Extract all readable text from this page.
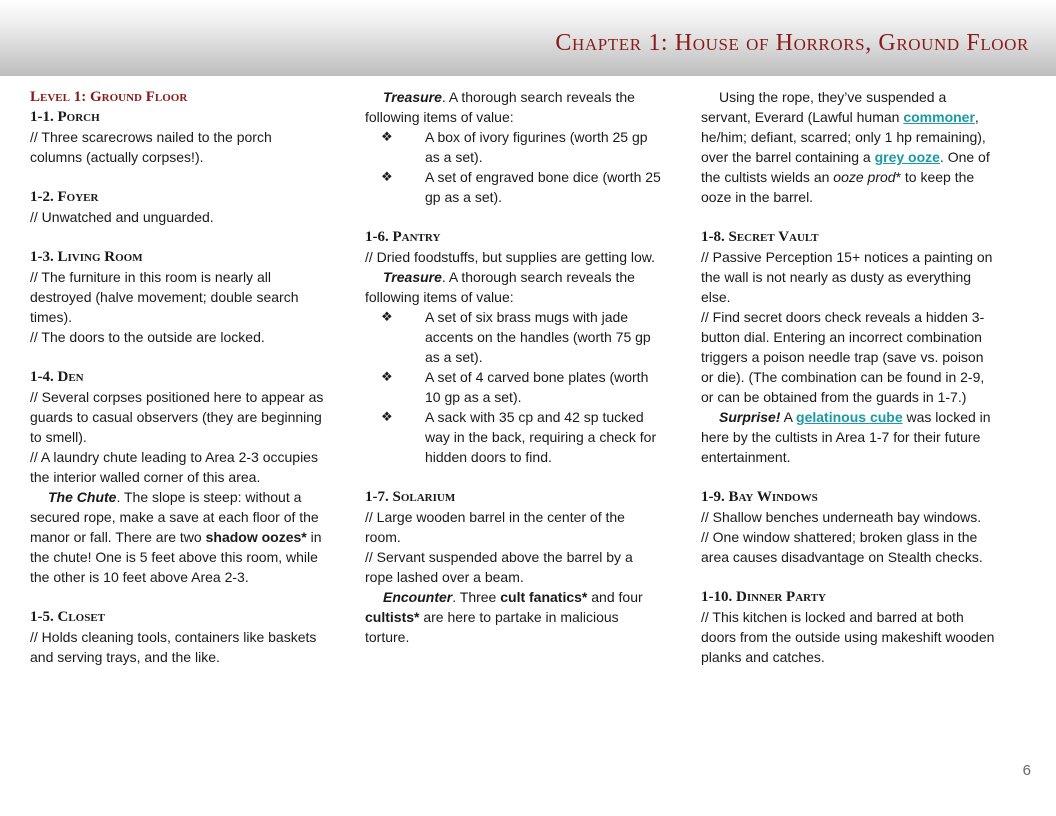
Chapter 1: House of Horrors, Ground Floor

Level 1: Ground Floor

1-1. Porch

// Three scarecrows nailed to the porch columns (actually corpses!).

1-2. Foyer

// Unwatched and unguarded.

1-3. Living Room

// The furniture in this room is nearly all destroyed (halve movement; double search times).

// The doors to the outside are locked.

1-4. Den

// Several corpses positioned here to appear as guards to casual observers (they are beginning to smell).

// A laundry chute leading to Area 2-3 occupies the interior walled corner of this area.

The Chute. The slope is steep: without a secured rope, make a save at each floor of the manor or fall. There are two shadow oozes* in the chute! One is 5 feet above this room, while the other is 10 feet above Area 2-3.

1-5. Closet

// Holds cleaning tools, containers like baskets and serving trays, and the like.

Treasure. A thorough search reveals the following items of value:

❖ A box of ivory figurines (worth 25 gp as a set).
❖ A set of engraved bone dice (worth 25 gp as a set).

1-6. Pantry

// Dried foodstuffs, but supplies are getting low.

Treasure. A thorough search reveals the following items of value:

❖ A set of six brass mugs with jade accents on the handles (worth 75 gp as a set).
❖ A set of 4 carved bone plates (worth 10 gp as a set).
❖ A sack with 35 cp and 42 sp tucked way in the back, requiring a check for hidden doors to find.

1-7. Solarium

// Large wooden barrel in the center of the room.

// Servant suspended above the barrel by a rope lashed over a beam.

Encounter. Three cult fanatics* and four cultists* are here to partake in malicious torture.

Using the rope, they’ve suspended a servant, Everard (Lawful human commoner, he/him; defiant, scarred; only 1 hp remaining), over the barrel containing a grey ooze. One of the cultists wields an ooze prod* to keep the ooze in the barrel.

1-8. Secret Vault

// Passive Perception 15+ notices a painting on the wall is not nearly as dusty as everything else.

// Find secret doors check reveals a hidden 3-button dial. Entering an incorrect combination triggers a poison needle trap (save vs. poison or die). (The combination can be found in 2-9, or can be obtained from the guards in 1-7.)

Surprise! A gelatinous cube was locked in here by the cultists in Area 1-7 for their future entertainment.

1-9. Bay Windows

// Shallow benches underneath bay windows.

// One window shattered; broken glass in the area causes disadvantage on Stealth checks.

1-10. Dinner Party

// This kitchen is locked and barred at both doors from the outside using makeshift wooden planks and catches.

6
